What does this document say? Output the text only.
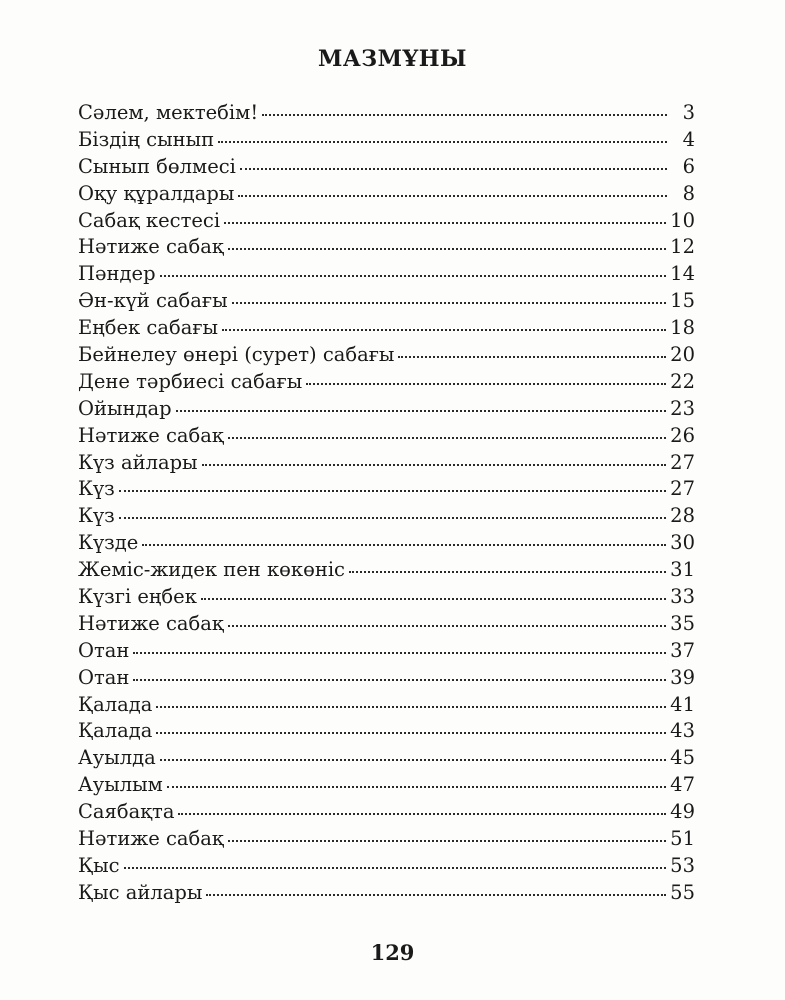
МАЗМҰНЫ
Сәлем, мектебім!	3
Біздің сынып	4
Сынып бөлмесі	6
Оқу құралдары	8
Сабақ кестесі	10
Нәтиже сабақ	12
Пәндер	14
Ән-күй сабағы	15
Еңбек сабағы	18
Бейнелеу өнері (сурет) сабағы	20
Дене тәрбиесі сабағы	22
Ойындар	23
Нәтиже сабақ	26
Күз айлары	27
Күз	27
Күз	28
Күзде	30
Жеміс-жидек пен көкөніс	31
Күзгі еңбек	33
Нәтиже сабақ	35
Отан	37
Отан	39
Қалада	41
Қалада	43
Ауылда	45
Ауылым	47
Саябақта	49
Нәтиже сабақ	51
Қыс	53
Қыс айлары	55
129
